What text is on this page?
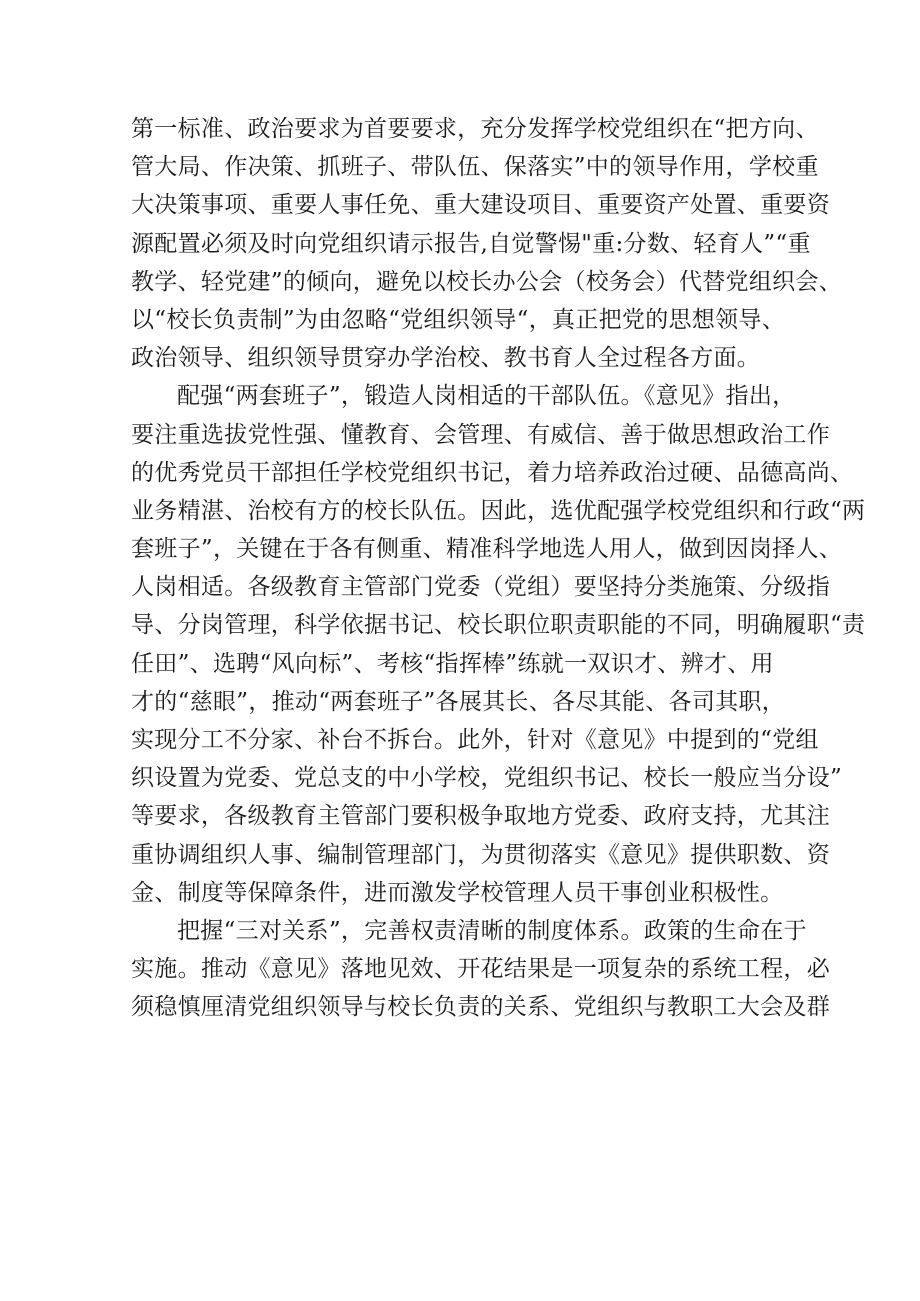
第一标准、政治要求为首要要求，充分发挥学校党组织在“把方向、
管大局、作决策、抓班子、带队伍、保落实”中的领导作用，学校重
大决策事项、重要人事任免、重大建设项目、重要资产处置、重要资
源配置必须及时向党组织请示报告,自觉警惕"重:分数、轻育人”“重
教学、轻党建”的倾向，避免以校长办公会（校务会）代替党组织会、
以“校长负责制”为由忽略“党组织领导“，真正把党的思想领导、
政治领导、组织领导贯穿办学治校、教书育人全过程各方面。
配强“两套班子”，锻造人岗相适的干部队伍。《意见》指出，
要注重选拔党性强、懂教育、会管理、有威信、善于做思想政治工作
的优秀党员干部担任学校党组织书记，着力培养政治过硬、品德高尚、
业务精湛、治校有方的校长队伍。因此，选优配强学校党组织和行政“两
套班子”，关键在于各有侧重、精准科学地选人用人，做到因岗择人、
人岗相适。各级教育主管部门党委（党组）要坚持分类施策、分级指
导、分岗管理，科学依据书记、校长职位职责职能的不同，明确履职“责
任田”、选聘“风向标”、考核“指挥棒”练就一双识才、辨才、用
才的“慈眼”，推动“两套班子”各展其长、各尽其能、各司其职，
实现分工不分家、补台不拆台。此外，针对《意见》中提到的“党组
织设置为党委、党总支的中小学校，党组织书记、校长一般应当分设”
等要求，各级教育主管部门要积极争取地方党委、政府支持，尤其注
重协调组织人事、编制管理部门，为贯彻落实《意见》提供职数、资
金、制度等保障条件，进而激发学校管理人员干事创业积极性。
把握“三对关系”，完善权责清晰的制度体系。政策的生命在于
实施。推动《意见》落地见效、开花结果是一项复杂的系统工程，必
须稳慎厘清党组织领导与校长负责的关系、党组织与教职工大会及群
